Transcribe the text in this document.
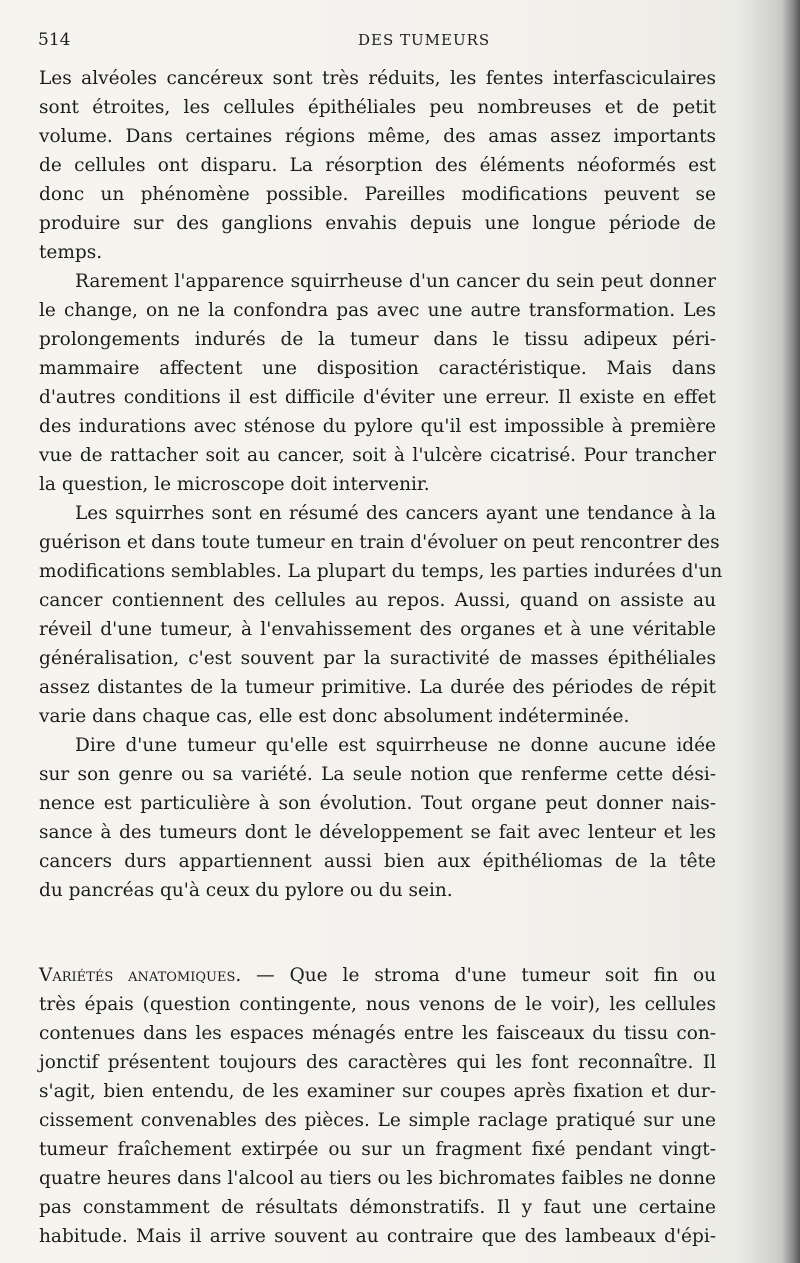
514	DES TUMEURS
Les alvéoles cancéreux sont très réduits, les fentes interfasciculaires
sont étroites, les cellules épithéliales peu nombreuses et de petit
volume. Dans certaines régions même, des amas assez importants
de cellules ont disparu. La résorption des éléments néoformés est
donc un phénomène possible. Pareilles modifications peuvent se
produire sur des ganglions envahis depuis une longue période de
temps.
Rarement l'apparence squirrheuse d'un cancer du sein peut donner
le change, on ne la confondra pas avec une autre transformation. Les
prolongements indurés de la tumeur dans le tissu adipeux péri-
mammaire affectent une disposition caractéristique. Mais dans
d'autres conditions il est difficile d'éviter une erreur. Il existe en effet
des indurations avec sténose du pylore qu'il est impossible à première
vue de rattacher soit au cancer, soit à l'ulcère cicatrisé. Pour trancher
la question, le microscope doit intervenir.
Les squirrhes sont en résumé des cancers ayant une tendance à la
guérison et dans toute tumeur en train d'évoluer on peut rencontrer des
modifications semblables. La plupart du temps, les parties indurées d'un
cancer contiennent des cellules au repos. Aussi, quand on assiste au
réveil d'une tumeur, à l'envahissement des organes et à une véritable
généralisation, c'est souvent par la suractivité de masses épithéliales
assez distantes de la tumeur primitive. La durée des périodes de répit
varie dans chaque cas, elle est donc absolument indéterminée.
Dire d'une tumeur qu'elle est squirrheuse ne donne aucune idée
sur son genre ou sa variété. La seule notion que renferme cette dési-
nence est particulière à son évolution. Tout organe peut donner nais-
sance à des tumeurs dont le développement se fait avec lenteur et les
cancers durs appartiennent aussi bien aux épithéliomas de la tête
du pancréas qu'à ceux du pylore ou du sein.
Variétés anatomiques. — Que le stroma d'une tumeur soit fin ou
très épais (question contingente, nous venons de le voir), les cellules
contenues dans les espaces ménagés entre les faisceaux du tissu con-
jonctif présentent toujours des caractères qui les font reconnaître. Il
s'agit, bien entendu, de les examiner sur coupes après fixation et dur-
cissement convenables des pièces. Le simple raclage pratiqué sur une
tumeur fraîchement extirpée ou sur un fragment fixé pendant vingt-
quatre heures dans l'alcool au tiers ou les bichromates faibles ne donne
pas constamment de résultats démonstratifs. Il y faut une certaine
habitude. Mais il arrive souvent au contraire que des lambeaux d'épi-
